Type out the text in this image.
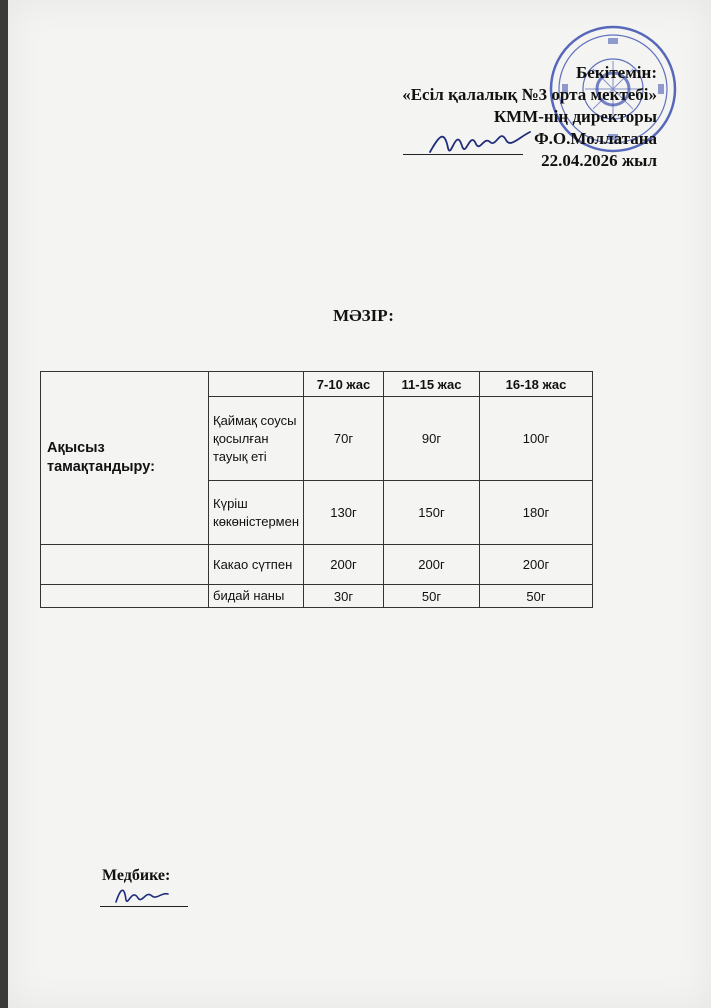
Бекітемін:
«Есіл қалалық №3 орта мектебі»
КММ-нің директоры
Ф.О.Моллатана
22.04.2026 жыл
МӘЗІР:
Ақысыз тамақтандыру:		7-10 жас	11-15 жас	16-18 жас
	Қаймақ соусы қосылған тауық еті	70г	90г	100г
	Күріш көкөністермен	130г	150г	180г
	Какао сүтпен	200г	200г	200г
	бидай наны	30г	50г	50г
Медбике:
